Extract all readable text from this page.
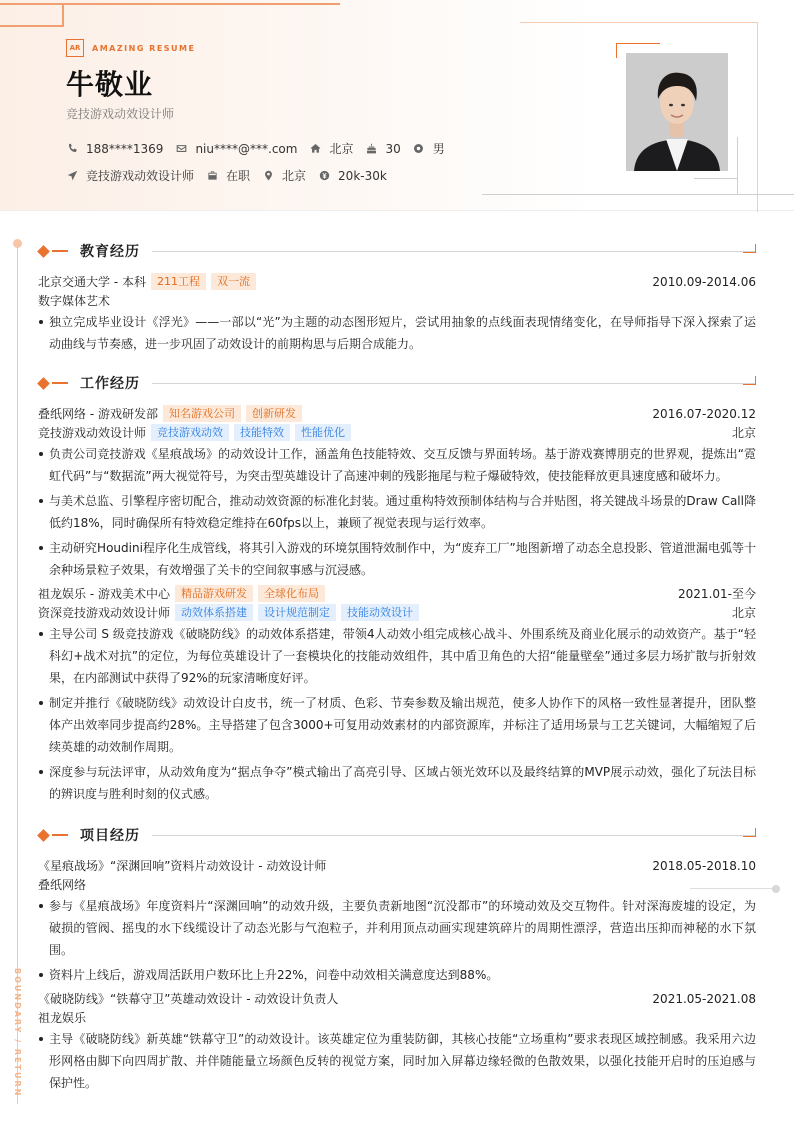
AR	AMAZING RESUME
牛敬业
竞技游戏动效设计师
188****1369	niu****@***.com	北京	30	男
竞技游戏动效设计师	在职	北京	20k-30k
BOUNDARY / RETURN
教育经历
北京交通大学 - 本科	211工程	双一流	2010.09-2014.06
数字媒体艺术
独立完成毕业设计《浮光》——一部以“光”为主题的动态图形短片，尝试用抽象的点线面表现情绪变化，在导师指导下深入探索了运动曲线与节奏感，进一步巩固了动效设计的前期构思与后期合成能力。
工作经历
叠纸网络 - 游戏研发部	知名游戏公司	创新研发	2016.07-2020.12
竞技游戏动效设计师	竞技游戏动效	技能特效	性能优化	北京
负责公司竞技游戏《星痕战场》的动效设计工作，涵盖角色技能特效、交互反馈与界面转场。基于游戏赛博朋克的世界观，提炼出“霓虹代码”与“数据流”两大视觉符号，为突击型英雄设计了高速冲刺的残影拖尾与粒子爆破特效，使技能释放更具速度感和破坏力。
与美术总监、引擎程序密切配合，推动动效资源的标准化封装。通过重构特效预制体结构与合并贴图，将关键战斗场景的Draw Call降低约18%，同时确保所有特效稳定维持在60fps以上，兼顾了视觉表现与运行效率。
主动研究Houdini程序化生成管线，将其引入游戏的环境氛围特效制作中，为“废弃工厂”地图新增了动态全息投影、管道泄漏电弧等十余种场景粒子效果，有效增强了关卡的空间叙事感与沉浸感。
祖龙娱乐 - 游戏美术中心	精品游戏研发	全球化布局	2021.01-至今
资深竞技游戏动效设计师	动效体系搭建	设计规范制定	技能动效设计	北京
主导公司 S 级竞技游戏《破晓防线》的动效体系搭建，带领4人动效小组完成核心战斗、外围系统及商业化展示的动效资产。基于“轻科幻+战术对抗”的定位，为每位英雄设计了一套模块化的技能动效组件，其中盾卫角色的大招“能量壁垒”通过多层力场扩散与折射效果，在内部测试中获得了92%的玩家清晰度好评。
制定并推行《破晓防线》动效设计白皮书，统一了材质、色彩、节奏参数及输出规范，使多人协作下的风格一致性显著提升，团队整体产出效率同步提高约28%。主导搭建了包含3000+可复用动效素材的内部资源库，并标注了适用场景与工艺关键词，大幅缩短了后续英雄的动效制作周期。
深度参与玩法评审，从动效角度为“据点争夺”模式输出了高亮引导、区域占领光效环以及最终结算的MVP展示动效，强化了玩法目标的辨识度与胜利时刻的仪式感。
项目经历
《星痕战场》“深渊回响”资料片动效设计 - 动效设计师	2018.05-2018.10
叠纸网络
参与《星痕战场》年度资料片“深渊回响”的动效升级，主要负责新地图“沉没都市”的环境动效及交互物件。针对深海废墟的设定，为破损的管阀、摇曳的水下线缆设计了动态光影与气泡粒子，并利用顶点动画实现建筑碎片的周期性漂浮，营造出压抑而神秘的水下氛围。
资料片上线后，游戏周活跃用户数环比上升22%，问卷中动效相关满意度达到88%。
《破晓防线》“铁幕守卫”英雄动效设计 - 动效设计负责人	2021.05-2021.08
祖龙娱乐
主导《破晓防线》新英雄“铁幕守卫”的动效设计。该英雄定位为重装防御，其核心技能“立场重构”要求表现区域控制感。我采用六边形网格由脚下向四周扩散、并伴随能量立场颜色反转的视觉方案，同时加入屏幕边缘轻微的色散效果，以强化技能开启时的压迫感与保护性。
